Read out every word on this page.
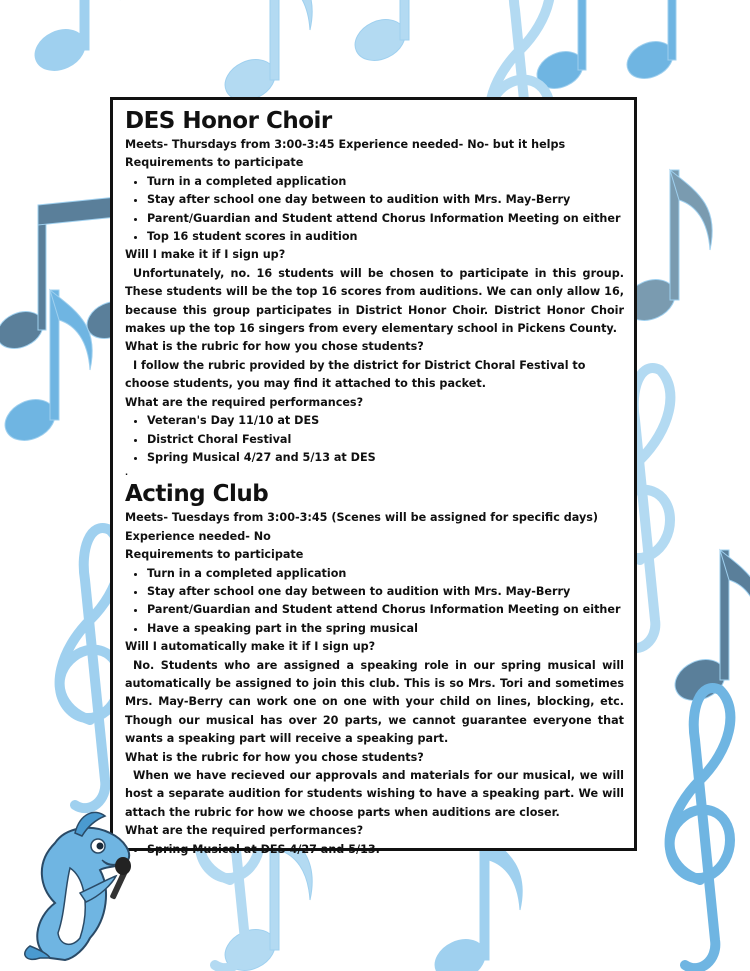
DES Honor Choir

Meets- Thursdays from 3:00-3:45 Experience needed- No- but it helps

Requirements to participate

• Turn in a completed application
• Stay after school one day between to audition with Mrs. May-Berry
• Parent/Guardian and Student attend Chorus Information Meeting on either
• Top 16 student scores in audition

Will I make it if I sign up?

Unfortunately, no. 16 students will be chosen to participate in this group. These students will be the top 16 scores from auditions. We can only allow 16, because this group participates in District Honor Choir. District Honor Choir makes up the top 16 singers from every elementary school in Pickens County.

What is the rubric for how you chose students?

I follow the rubric provided by the district for District Choral Festival to choose students, you may find it attached to this packet.

What are the required performances?

• Veteran's Day 11/10 at DES
• District Choral Festival
• Spring Musical 4/27 and 5/13 at DES

.

Acting Club

Meets- Tuesdays from 3:00-3:45 (Scenes will be assigned for specific days) Experience needed- No

Requirements to participate

• Turn in a completed application
• Stay after school one day between to audition with Mrs. May-Berry
• Parent/Guardian and Student attend Chorus Information Meeting on either
• Have a speaking part in the spring musical

Will I automatically make it if I sign up?

No. Students who are assigned a speaking role in our spring musical will automatically be assigned to join this club. This is so Mrs. Tori and sometimes Mrs. May-Berry can work one on one with your child on lines, blocking, etc. Though our musical has over 20 parts, we cannot guarantee everyone that wants a speaking part will receive a speaking part.

What is the rubric for how you chose students?

When we have recieved our approvals and materials for our musical, we will host a separate audition for students wishing to have a speaking part. We will attach the rubric for how we choose parts when auditions are closer.

What are the required performances?

• Spring Musical at DES 4/27 and 5/13.
